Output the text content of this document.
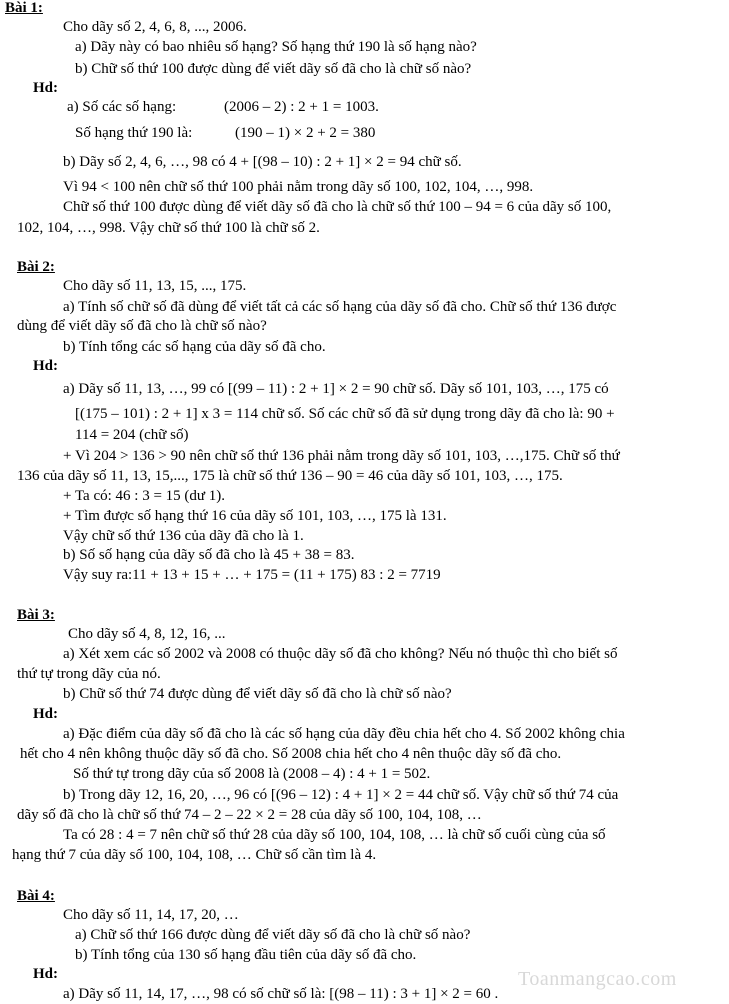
Bài 1:
Cho dãy số 2, 4, 6, 8, ..., 2006.
a) Dãy này có bao nhiêu số hạng? Số hạng thứ 190 là số hạng nào?
b) Chữ số thứ 100 được dùng để viết dãy số đã cho là chữ số nào?
Hd:
a) Số các số hạng:	(2006 – 2) : 2 + 1 = 1003.
Số hạng thứ 190 là:	(190 – 1) × 2 + 2 = 380
b) Dãy số 2, 4, 6, …, 98 có 4 + [(98 – 10) : 2 + 1] × 2 = 94 chữ số.
Vì 94 < 100 nên chữ số thứ 100 phải nằm trong dãy số 100, 102, 104, …, 998.
Chữ số thứ 100 được dùng để viết dãy số đã cho là chữ số thứ 100 – 94 = 6 của dãy số 100,
102, 104, …, 998. Vậy chữ số thứ 100 là chữ số 2.
Bài 2:
Cho dãy số 11, 13, 15, ..., 175.
a) Tính số chữ số đã dùng để viết tất cả các số hạng của dãy số đã cho. Chữ số thứ 136 được
dùng để viết dãy số đã cho là chữ số nào?
b) Tính tổng các số hạng của dãy số đã cho.
Hd:
a) Dãy số 11, 13, …, 99 có [(99 – 11) : 2 + 1] × 2 = 90 chữ số. Dãy số 101, 103, …, 175 có
[(175 – 101) : 2 + 1] x 3 = 114 chữ số. Số các chữ số đã sử dụng trong dãy đã cho là: 90 +
114 = 204 (chữ số)
+ Vì 204 > 136 > 90 nên chữ số thứ 136 phải nằm trong dãy số 101, 103, …,175. Chữ số thứ
136 của dãy số 11, 13, 15,..., 175 là chữ số thứ 136 – 90 = 46 của dãy số 101, 103, …, 175.
+ Ta có: 46 : 3 = 15 (dư 1).
+ Tìm được số hạng thứ 16 của dãy số 101, 103, …, 175 là 131.
Vậy chữ số thứ 136 của dãy đã cho là 1.
b) Số số hạng của dãy số đã cho là 45 + 38 = 83.
Vậy suy ra:11 + 13 + 15 + … + 175 = (11 + 175) 83 : 2 = 7719
Bài 3:
Cho dãy số 4, 8, 12, 16, ...
a) Xét xem các số 2002 và 2008 có thuộc dãy số đã cho không? Nếu nó thuộc thì cho biết số
thứ tự trong dãy của nó.
b) Chữ số thứ 74 được dùng để viết dãy số đã cho là chữ số nào?
Hd:
a) Đặc điểm của dãy số đã cho là các số hạng của dãy đều chia hết cho 4. Số 2002 không chia
hết cho 4 nên không thuộc dãy số đã cho. Số 2008 chia hết cho 4 nên thuộc dãy số đã cho.
Số thứ tự trong dãy của số 2008 là (2008 – 4) : 4 + 1 = 502.
b) Trong dãy 12, 16, 20, …, 96 có [(96 – 12) : 4 + 1] × 2 = 44 chữ số. Vậy chữ số thứ 74 của
dãy số đã cho là chữ số thứ 74 – 2 – 22 × 2 = 28 của dãy số 100, 104, 108, …
Ta có 28 : 4 = 7 nên chữ số thứ 28 của dãy số 100, 104, 108, … là chữ số cuối cùng của số
hạng thứ 7 của dãy số 100, 104, 108, … Chữ số cần tìm là 4.
Bài 4:
Cho dãy số 11, 14, 17, 20, …
a) Chữ số thứ 166 được dùng để viết dãy số đã cho là chữ số nào?
b) Tính tổng của 130 số hạng đầu tiên của dãy số đã cho.
Hd:
a) Dãy số 11, 14, 17, …, 98 có số chữ số là: [(98 – 11) : 3 + 1] × 2 = 60 .
Toanmangcao.com
